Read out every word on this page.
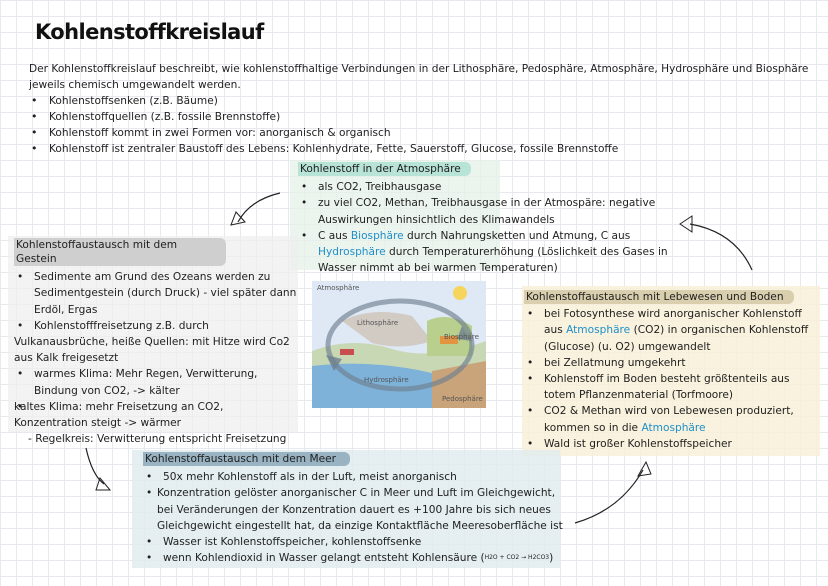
Kohlenstoffkreislauf

Der Kohlenstoffkreislauf beschreibt, wie kohlenstoffhaltige Verbindungen in der Lithosphäre, Pedosphäre, Atmosphäre, Hydrosphäre und Biosphäre jeweils chemisch umgewandelt werden.

• Kohlenstoffsenken (z.B. Bäume)
• Kohlenstoffquellen (z.B. fossile Brennstoffe)
• Kohlenstoff kommt in zwei Formen vor: anorganisch & organisch
• Kohlenstoff ist zentraler Baustoff des Lebens: Kohlenhydrate, Fette, Sauerstoff, Glucose, fossile Brennstoffe
Kohlenstoff in der Atmosphäre
• als CO2, Treibhausgase
• zu viel CO2, Methan, Treibhausgase in der Atmospäre: negative Auswirkungen hinsichtlich des Klimawandels
• C aus Biosphäre durch Nahrungsketten und Atmung, C aus Hydrosphäre durch Temperaturerhöhung (Löslichkeit des Gases in Wasser nimmt ab bei warmen Temperaturen)
Kohlenstoffaustausch mit dem Gestein
• Sedimente am Grund des Ozeans werden zu Sedimentgestein (durch Druck) - viel später dann Erdöl, Ergas
• Kohlenstofffreisetzung z.B. durch
Vulkanausbrüche, heiße Quellen: mit Hitze wird Co2 aus Kalk freigesetzt
• warmes Klima: Mehr Regen, Verwitterung, Bindung von CO2, -> kälter
• kaltes Klima: mehr Freisetzung an CO2, Konzentration steigt -> wärmer
- Regelkreis: Verwitterung entspricht Freisetzung
Kohlenstoffaustausch mit Lebewesen und Boden
• bei Fotosynthese wird anorganischer Kohlenstoff aus Atmosphäre (CO2) in organischen Kohlenstoff (Glucose) (u. O2) umgewandelt
• bei Zellatmung umgekehrt
• Kohlenstoff im Boden besteht größtenteils aus totem Pflanzenmaterial (Torfmoore)
• CO2 & Methan wird von Lebewesen produziert, kommen so in die Atmosphäre
• Wald ist großer Kohlenstoffspeicher
Kohlenstoffaustausch mit dem Meer
• 50x mehr Kohlenstoff als in der Luft, meist anorganisch
• Konzentration gelöster anorganischer C in Meer und Luft im Gleichgewicht, bei Veränderungen der Konzentration dauert es +100 Jahre bis sich neues Gleichgewicht eingestellt hat, da einzige Kontaktfläche Meeresoberfläche ist
• Wasser ist Kohlenstoffspeicher, kohlenstoffsenke
• wenn Kohlendioxid in Wasser gelangt entsteht Kohlensäure (H2O + CO2 → H2CO3)
Atmosphäre
Lithosphäre
Biosphäre
Hydrosphäre
Pedosphäre
